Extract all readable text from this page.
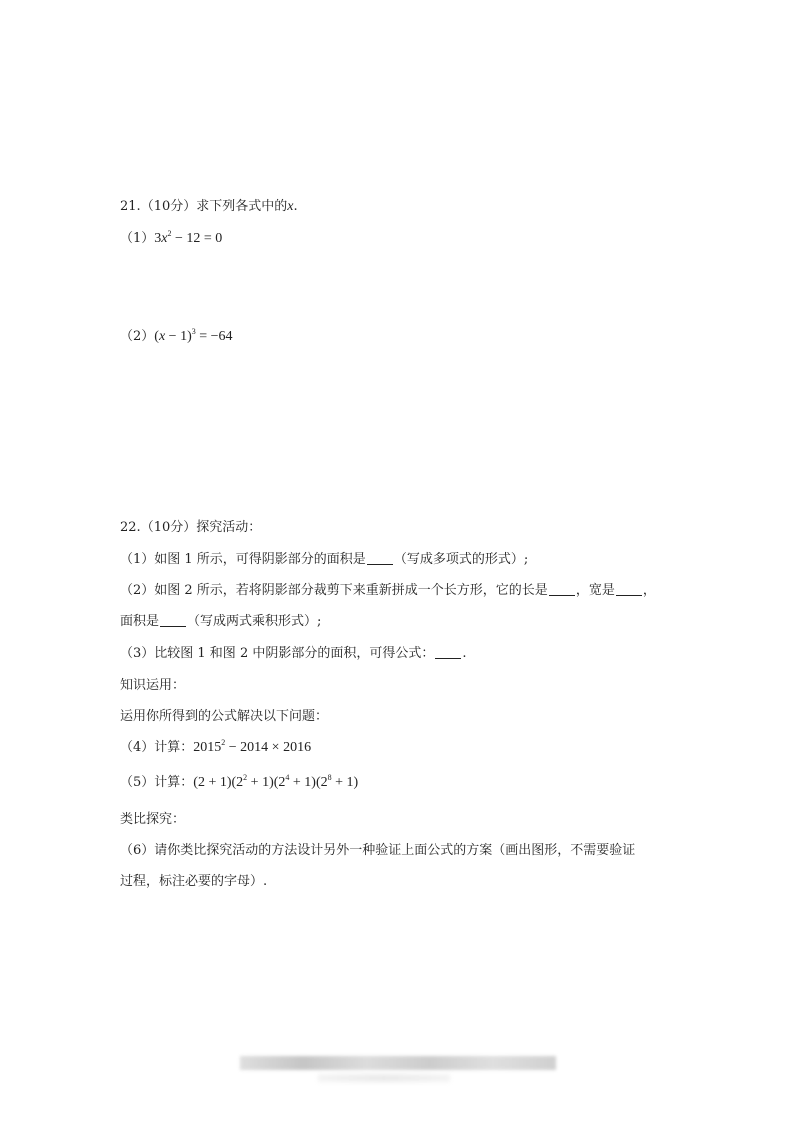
21.（10分）求下列各式中的x.
$(1)3x^2 - 12 = 0$
$(2)(x - 1)^3 = -64$
22.（10分）探究活动：
（1）如图 1 所示，可得阴影部分的面积是 （写成多项式的形式）;
（2）如图 2 所示，若将阴影部分裁剪下来重新拼成一个长方形，它的长是 ，宽是 ，
面积是 （写成两式乘积形式）;
（3）比较图 1 和图 2 中阴影部分的面积，可得公式： .
知识运用：
运用你所得到的公式解决以下问题：
（4）计算：$2015^2 - 2014 \times 2016$
（5）计算：$(2 + 1)(2^2 + 1)(2^4 + 1)(2^8 + 1)$
类比探究：
（6）请你类比探究活动的方法设计另外一种验证上面公式的方案（画出图形，不需要验证
过程，标注必要的字母）.
